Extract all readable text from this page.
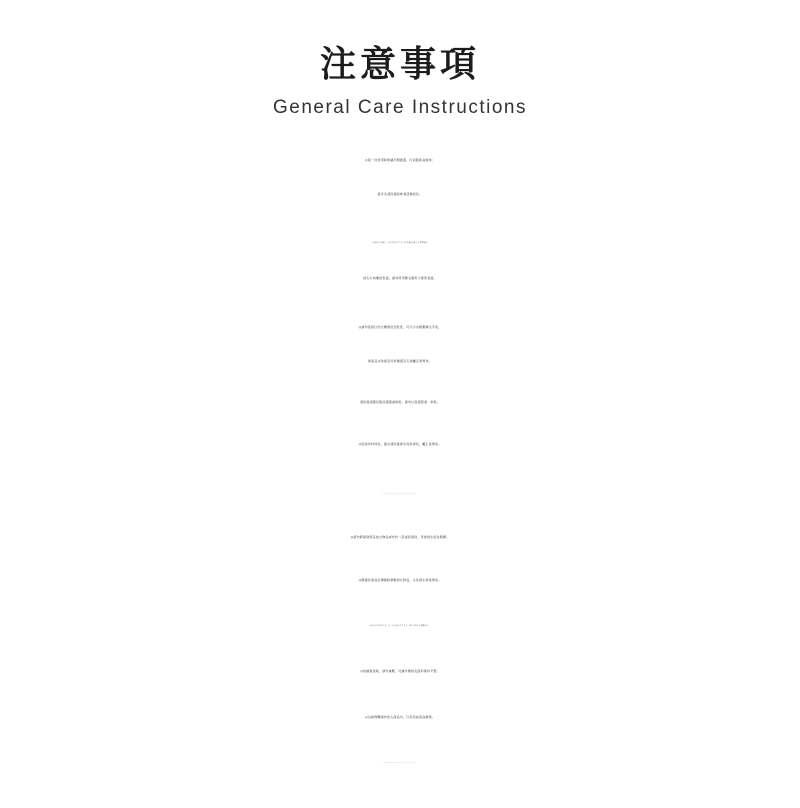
注意事項
General Care Instructions
◎第一次使用時建議打開通風，可消散新品餘味；
經多次清洗後氣味會逐漸淡化。
◎如遇表面髒汙，可使用乾布沾些許中性清潔劑或肥皂水輕輕順著
絨毛方向擦拭表面，請勿使用硬毛刷用力搓洗表面。
◎請勿直接以洗衣機清洗及乾洗，可以冷水輕壓順毛手洗，
如產品水洗後有些許皺褶及毛球屬正常現象。
清洗後請置於陰涼通風處晾乾。請勿以高溫熨燙、烘乾。
◎因絨布料特性，過水清洗後會有些許掉色，屬正常現象。
◎請勿將提袋與其他衣物品或布料一起浸泡清洗，恐會發生染色問題。
◎應避免商品於潮濕時摩擦到衣物品，以免發生移染現象。
◎因布料為批次生產，每一商品如有些許色差，屬正常現象不影響使用。
◎收納提袋時，請勿重壓，可讓外層絨毛面料保持平整。
◎尖銳物體請勿放入商品內，以免造成商品損壞。
